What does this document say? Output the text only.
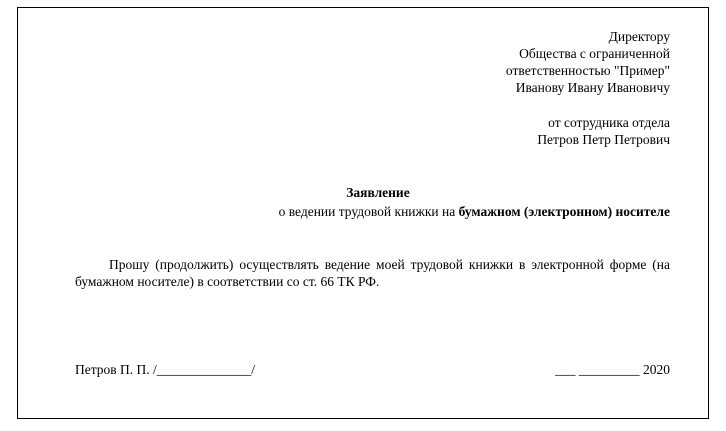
Директору
Общества с ограниченной
ответственностью "Пример"
Иванову Ивану Ивановичу
от сотрудника отдела
Петров Петр Петрович
Заявление
о ведении трудовой книжки на бумажном (электронном) носителе
Прошу (продолжить) осуществлять ведение моей трудовой книжки в электронной форме (на бумажном носителе) в соответствии со ст. 66 ТК РФ.
Петров П. П. /______________/	___ _________ 2020
